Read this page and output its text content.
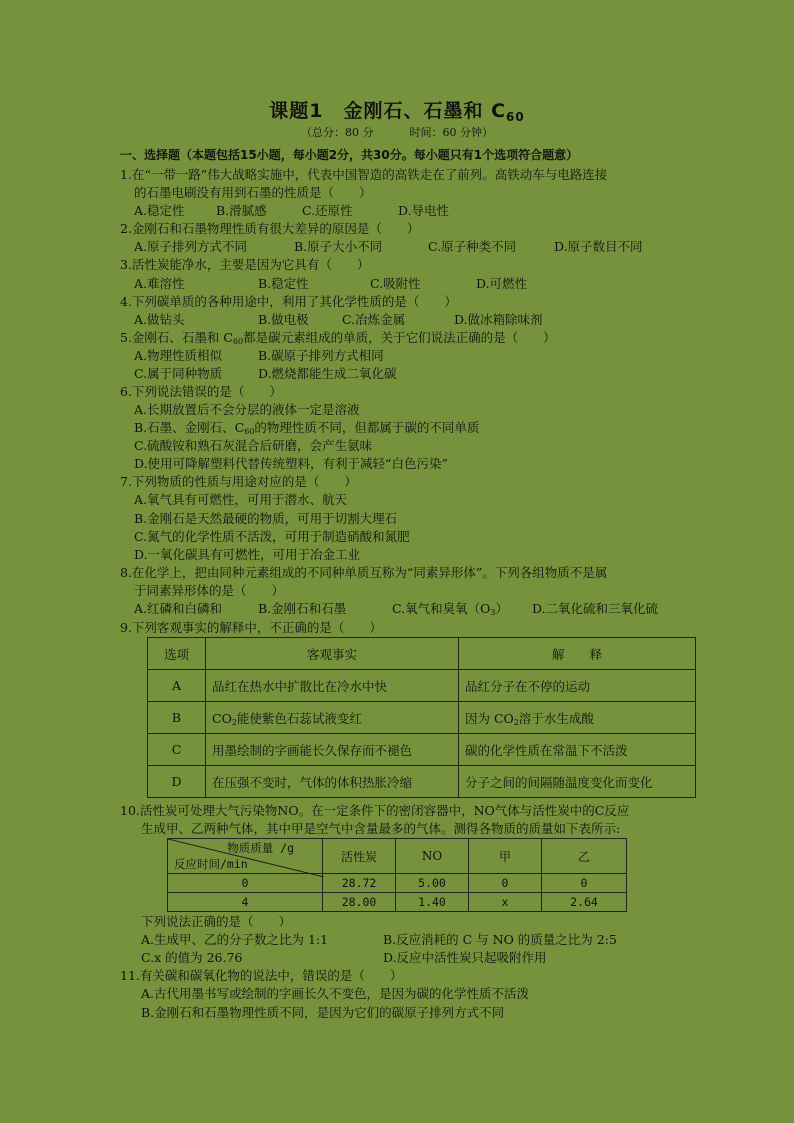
课题1　金刚石、石墨和 $C_{60}$
（总分：80 分	时间：60 分钟）
一、选择题（本题包括15小题，每小题2分，共30分。每小题只有1个选项符合题意）
1.在“一带一路”伟大战略实施中，代表中国智造的高铁走在了前列。高铁动车与电路连接
的石墨电刷没有用到石墨的性质是（　　）
A.稳定性	B.滑腻感	C.还原性	D.导电性
2.金刚石和石墨物理性质有很大差异的原因是（　　）
A.原子排列方式不同	B.原子大小不同	C.原子种类不同	D.原子数目不同
3.活性炭能净水，主要是因为它具有（　　）
A.难溶性	B.稳定性	C.吸附性	D.可燃性
4.下列碳单质的各种用途中，利用了其化学性质的是（　　）
A.做钻头	B.做电极	C.冶炼金属	D.做冰箱除味剂
5.金刚石、石墨和 $C_{60}$都是碳元素组成的单质，关于它们说法正确的是（　　）
A.物理性质相似	B.碳原子排列方式相同
C.属于同种物质	D.燃烧都能生成二氧化碳
6.下列说法错误的是（　　）
A.长期放置后不会分层的液体一定是溶液
B.石墨、金刚石、$C_{60}$的物理性质不同，但都属于碳的不同单质
C.硫酸铵和熟石灰混合后研磨，会产生氨味
D.使用可降解塑料代替传统塑料，有利于减轻“白色污染”
7.下列物质的性质与用途对应的是（　　）
A.氧气具有可燃性，可用于潜水、航天
B.金刚石是天然最硬的物质，可用于切割大理石
C.氮气的化学性质不活泼，可用于制造硝酸和氮肥
D.一氧化碳具有可燃性，可用于冶金工业
8.在化学上，把由同种元素组成的不同种单质互称为“同素异形体”。下列各组物质不是属
于同素异形体的是（　　）
A.红磷和白磷和	B.金刚石和石墨	C.氧气和臭氧$(O_3)$ D.二氧化硫和三氧化硫
9.下列客观事实的解释中，不正确的是（　　）
选项	客观事实	解　　释
A	品红在热水中扩散比在冷水中快	品红分子在不停的运动
B	$CO_2$能使紫色石蕊试液变红	因为 $CO_2$溶于水生成酸
C	用墨绘制的字画能长久保存而不褪色	碳的化学性质在常温下不活泼
D	在压强不变时，气体的体积热胀冷缩	分子之间的间隔随温度变化而变化
10.活性炭可处理大气污染物NO。在一定条件下的密闭容器中，NO气体与活性炭中的C反应
生成甲、乙两种气体，其中甲是空气中含量最多的气体。测得各物质的质量如下表所示:
物质质量 /g
反应时间/min	活性炭	NO	甲	乙
0	28.72	5.00	0	0
4	28.00	1.40	x	2.64
下列说法正确的是（　　）
A.生成甲、乙的分子数之比为 1:1	B.反应消耗的 C 与 NO 的质量之比为 2:5
C.x 的值为 26.76	D.反应中活性炭只起吸附作用
11.有关碳和碳氧化物的说法中，错误的是（　　）
A.古代用墨书写或绘制的字画长久不变色，是因为碳的化学性质不活泼
B.金刚石和石墨物理性质不同，是因为它们的碳原子排列方式不同
